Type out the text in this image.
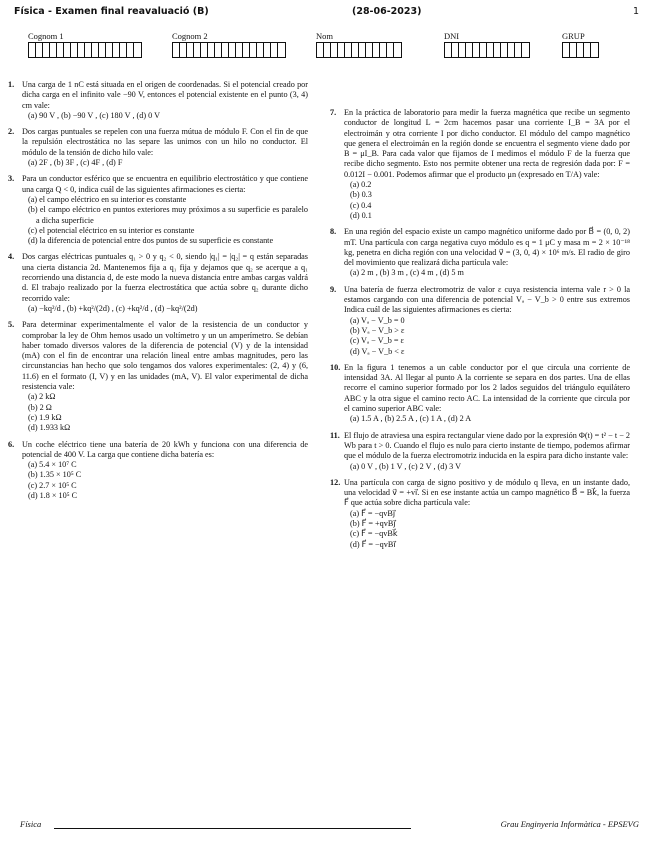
Física - Examen final reavaluació (B)	(28-06-2023)	1
Cognom 1	Cognom 2	Nom	DNI	GRUP
1. Una carga de 1 nC está situada en el origen de coordenadas. Si el potencial creado por dicha carga en el infinito vale −90 V, entonces el potencial existente en el punto (3, 4) cm vale:
(a) 90 V , (b) −90 V , (c) 180 V , (d) 0 V
2. Dos cargas puntuales se repelen con una fuerza mútua de módulo F. Con el fin de que la repulsión electrostática no las separe las unimos con un hilo no conductor. El módulo de la tensión de dicho hilo vale:
(a) 2F , (b) 3F , (c) 4F , (d) F
3. Para un conductor esférico que se encuentra en equilibrio electrostático y que contiene una carga Q < 0, indica cuál de las siguientes afirmaciones es cierta:
(a) el campo eléctrico en su interior es constante
(b) el campo eléctrico en puntos exteriores muy próximos a su superficie es paralelo a dicha superficie
(c) el potencial eléctrico en su interior es constante
(d) la diferencia de potencial entre dos puntos de su superficie es constante
4. Dos cargas eléctricas puntuales q₁ > 0 y q₂ < 0, siendo |q₁| = |q₂| = q están separadas una cierta distancia 2d. Mantenemos fija a q₁ fija y dejamos que q₂ se acerque a q₁ recorriendo una distancia d, de este modo la nueva distancia entre ambas cargas valdrá d. El trabajo realizado por la fuerza electrostática que actúa sobre q₂ durante dicho recorrido vale:
(a) −kq²/d , (b) +kq²/(2d) , (c) +kq²/d , (d) −kq²/(2d)
5. Para determinar experimentalmente el valor de la resistencia de un conductor y comprobar la ley de Ohm hemos usado un voltímetro y un un amperímetro. Se debían haber tomado diversos valores de la diferencia de potencial (V) y de la intensidad (mA) con el fin de encontrar una relación lineal entre ambas magnitudes, pero las circunstancias han hecho que solo tengamos dos valores experimentales: (2, 4) y (6, 11.6) en el formato (I, V) y en las unidades (mA, V). El valor experimental de dicha resistencia vale:
(a) 2 kΩ
(b) 2 Ω
(c) 1.9 kΩ
(d) 1.933 kΩ
6. Un coche eléctrico tiene una batería de 20 kWh y funciona con una diferencia de potencial de 400 V. La carga que contiene dicha batería es:
(a) 5.4 × 10⁷ C
(b) 1.35 × 10⁵ C
(c) 2.7 × 10⁵ C
(d) 1.8 × 10⁵ C
7. En la práctica de laboratorio para medir la fuerza magnética que recibe un segmento conductor de longitud L = 2cm hacemos pasar una corriente I_B = 3A por el electroimán y otra corriente I por dicho conductor. El módulo del campo magnético que genera el electroimán en la región donde se encuentra el segmento viene dado por B = μI_B. Para cada valor que fijamos de I medimos el módulo F de la fuerza que recibe dicho segmento. Esto nos permite obtener una recta de regresión dada por: F = 0.012I − 0.001. Podemos afirmar que el producto μn (expresado en T/A) vale:
(a) 0.2
(b) 0.3
(c) 0.4
(d) 0.1
8. En una región del espacio existe un campo magnético uniforme dado por B⃗ = (0, 0, 2) mT. Una partícula con carga negativa cuyo módulo es q = 1 μC y masa m = 2 × 10⁻¹⁸ kg, penetra en dicha región con una velocidad v⃗ = (3, 0, 4) × 10⁶ m/s. El radio de giro del movimiento que realizará dicha partícula vale:
(a) 2 m , (b) 3 m , (c) 4 m , (d) 5 m
9. Una batería de fuerza electromotriz de valor ε cuya resistencia interna vale r > 0 la estamos cargando con una diferencia de potencial Vₐ − V_b > 0 entre sus extremos Indica cuál de las siguientes afirmaciones es cierta:
(a) Vₐ − V_b = 0
(b) Vₐ − V_b > ε
(c) Vₐ − V_b = ε
(d) Vₐ − V_b < ε
10. En la figura 1 tenemos a un cable conductor por el que circula una corriente de intensidad 3A. Al llegar al punto A la corriente se separa en dos partes. Una de ellas recorre el camino superior formado por los 2 lados seguidos del triángulo equilátero ABC y la otra sigue el camino recto AC. La intensidad de la corriente que circula por el camino superior ABC vale:
(a) 1.5 A , (b) 2.5 A , (c) 1 A , (d) 2 A
11. El flujo de atraviesa una espira rectangular viene dado por la expresión Φ(t) = t² − t − 2 Wb para t > 0. Cuando el flujo es nulo para cierto instante de tiempo, podemos afirmar que el módulo de la fuerza electromotriz inducida en la espira para dicho instante vale:
(a) 0 V , (b) 1 V , (c) 2 V , (d) 3 V
12. Una partícula con carga de signo positivo y de módulo q lleva, en un instante dado, una velocidad v⃗ = +vi⃗. Si en ese instante actúa un campo magnético B⃗ = Bk⃗, la fuerza F⃗ que actúa sobre dicha partícula vale:
(a) F⃗ = −qvBj⃗
(b) F⃗ = +qvBj⃗
(c) F⃗ = −qvBk⃗
(d) F⃗ = −qvBi⃗
Física	Grau Enginyeria Informàtica - EPSEVG
